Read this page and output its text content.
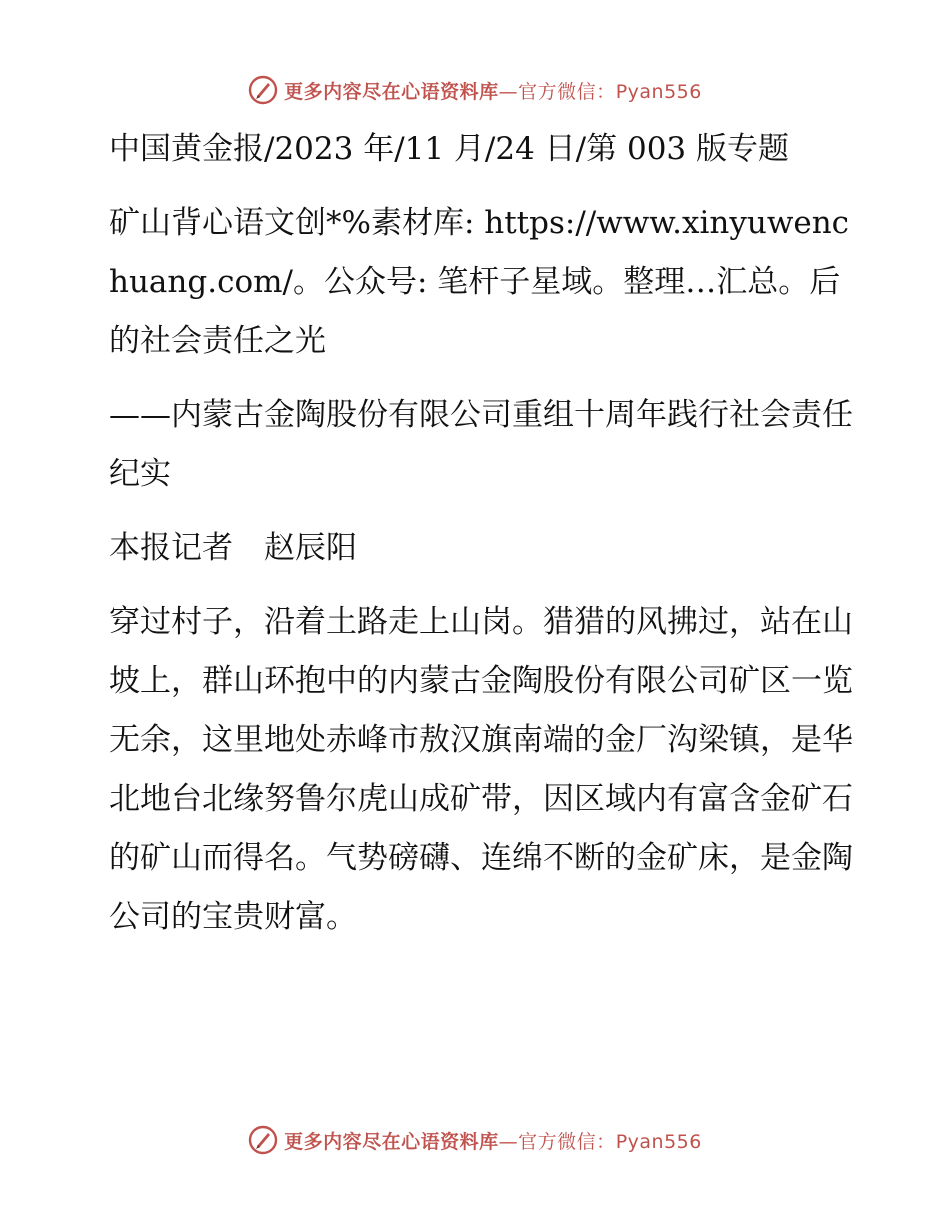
更多内容尽在心语资料库—官方微信：Pyan556

中国黄金报/2023 年/11 月/24 日/第 003 版专题

矿山背心语文创*%素材库: https://www.xinyuwenchuang.com/。公众号: 笔杆子星域。整理…汇总。后的社会责任之光

——内蒙古金陶股份有限公司重组十周年践行社会责任纪实

本报记者　赵辰阳

穿过村子，沿着土路走上山岗。猎猎的风拂过，站在山坡上，群山环抱中的内蒙古金陶股份有限公司矿区一览无余，这里地处赤峰市敖汉旗南端的金厂沟梁镇，是华北地台北缘努鲁尔虎山成矿带，因区域内有富含金矿石的矿山而得名。气势磅礴、连绵不断的金矿床，是金陶公司的宝贵财富。

更多内容尽在心语资料库—官方微信：Pyan556
